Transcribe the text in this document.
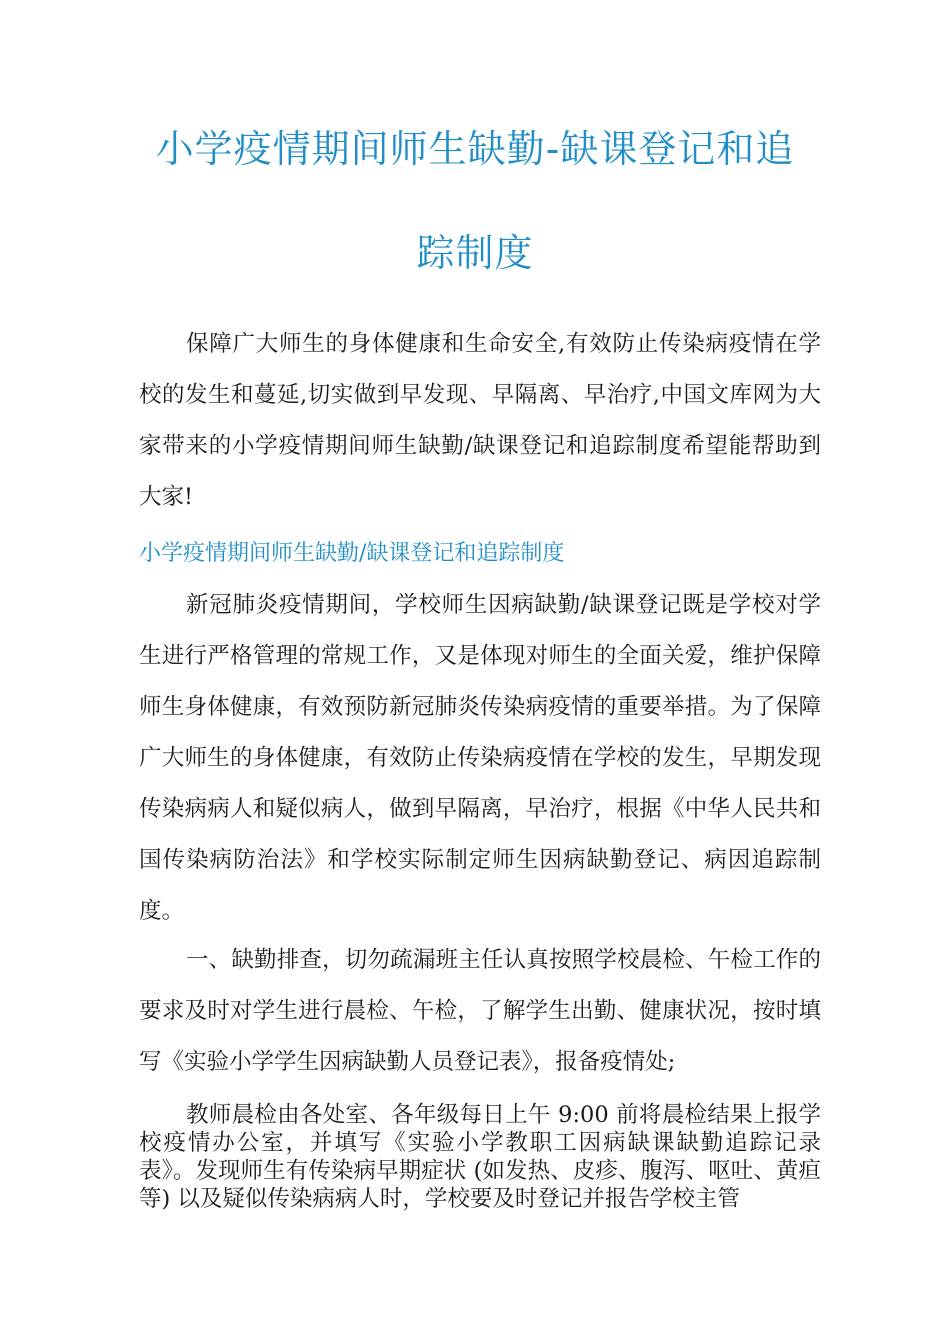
小学疫情期间师生缺勤-缺课登记和追
踪制度

保障广大师生的身体健康和生命安全,有效防止传染病疫情在学校的发生和蔓延,切实做到早发现、早隔离、早治疗,中国文库网为大家带来的小学疫情期间师生缺勤/缺课登记和追踪制度希望能帮助到大家!

小学疫情期间师生缺勤/缺课登记和追踪制度

新冠肺炎疫情期间，学校师生因病缺勤/缺课登记既是学校对学生进行严格管理的常规工作，又是体现对师生的全面关爱，维护保障师生身体健康，有效预防新冠肺炎传染病疫情的重要举措。为了保障广大师生的身体健康，有效防止传染病疫情在学校的发生，早期发现传染病病人和疑似病人，做到早隔离，早治疗，根据《中华人民共和国传染病防治法》和学校实际制定师生因病缺勤登记、病因追踪制度。

一、缺勤排查，切勿疏漏班主任认真按照学校晨检、午检工作的要求及时对学生进行晨检、午检，了解学生出勤、健康状况，按时填写《实验小学学生因病缺勤人员登记表》，报备疫情处;

教师晨检由各处室、各年级每日上午 9:00 前将晨检结果上报学校疫情办公室，并填写《实验小学教职工因病缺课缺勤追踪记录表》。发现师生有传染病早期症状 (如发热、皮疹、腹泻、呕吐、黄疸等) 以及疑似传染病病人时，学校要及时登记并报告学校主管
